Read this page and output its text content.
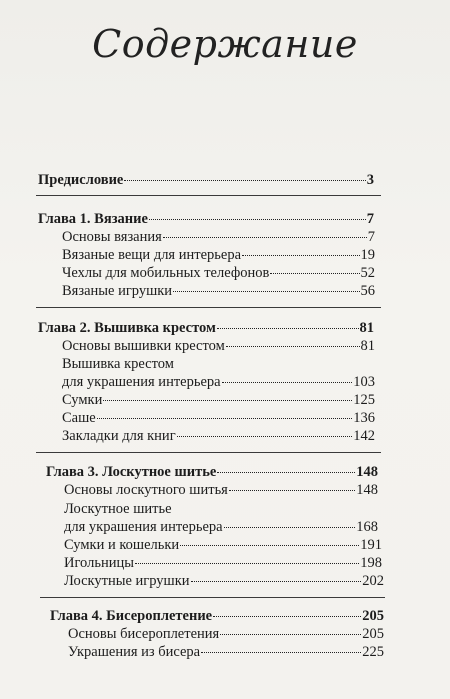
Содержание
Предисловие	3
Глава 1. Вязание	7
Основы вязания	7
Вязаные вещи для интерьера	19
Чехлы для мобильных телефонов	52
Вязаные игрушки	56
Глава 2. Вышивка крестом	81
Основы вышивки крестом	81
Вышивка крестом
для украшения интерьера	103
Сумки	125
Саше	136
Закладки для книг	142
Глава 3. Лоскутное шитье	148
Основы лоскутного шитья	148
Лоскутное шитье
для украшения интерьера	168
Сумки и кошельки	191
Игольницы	198
Лоскутные игрушки	202
Глава 4. Бисероплетение	205
Основы бисероплетения	205
Украшения из бисера	225
